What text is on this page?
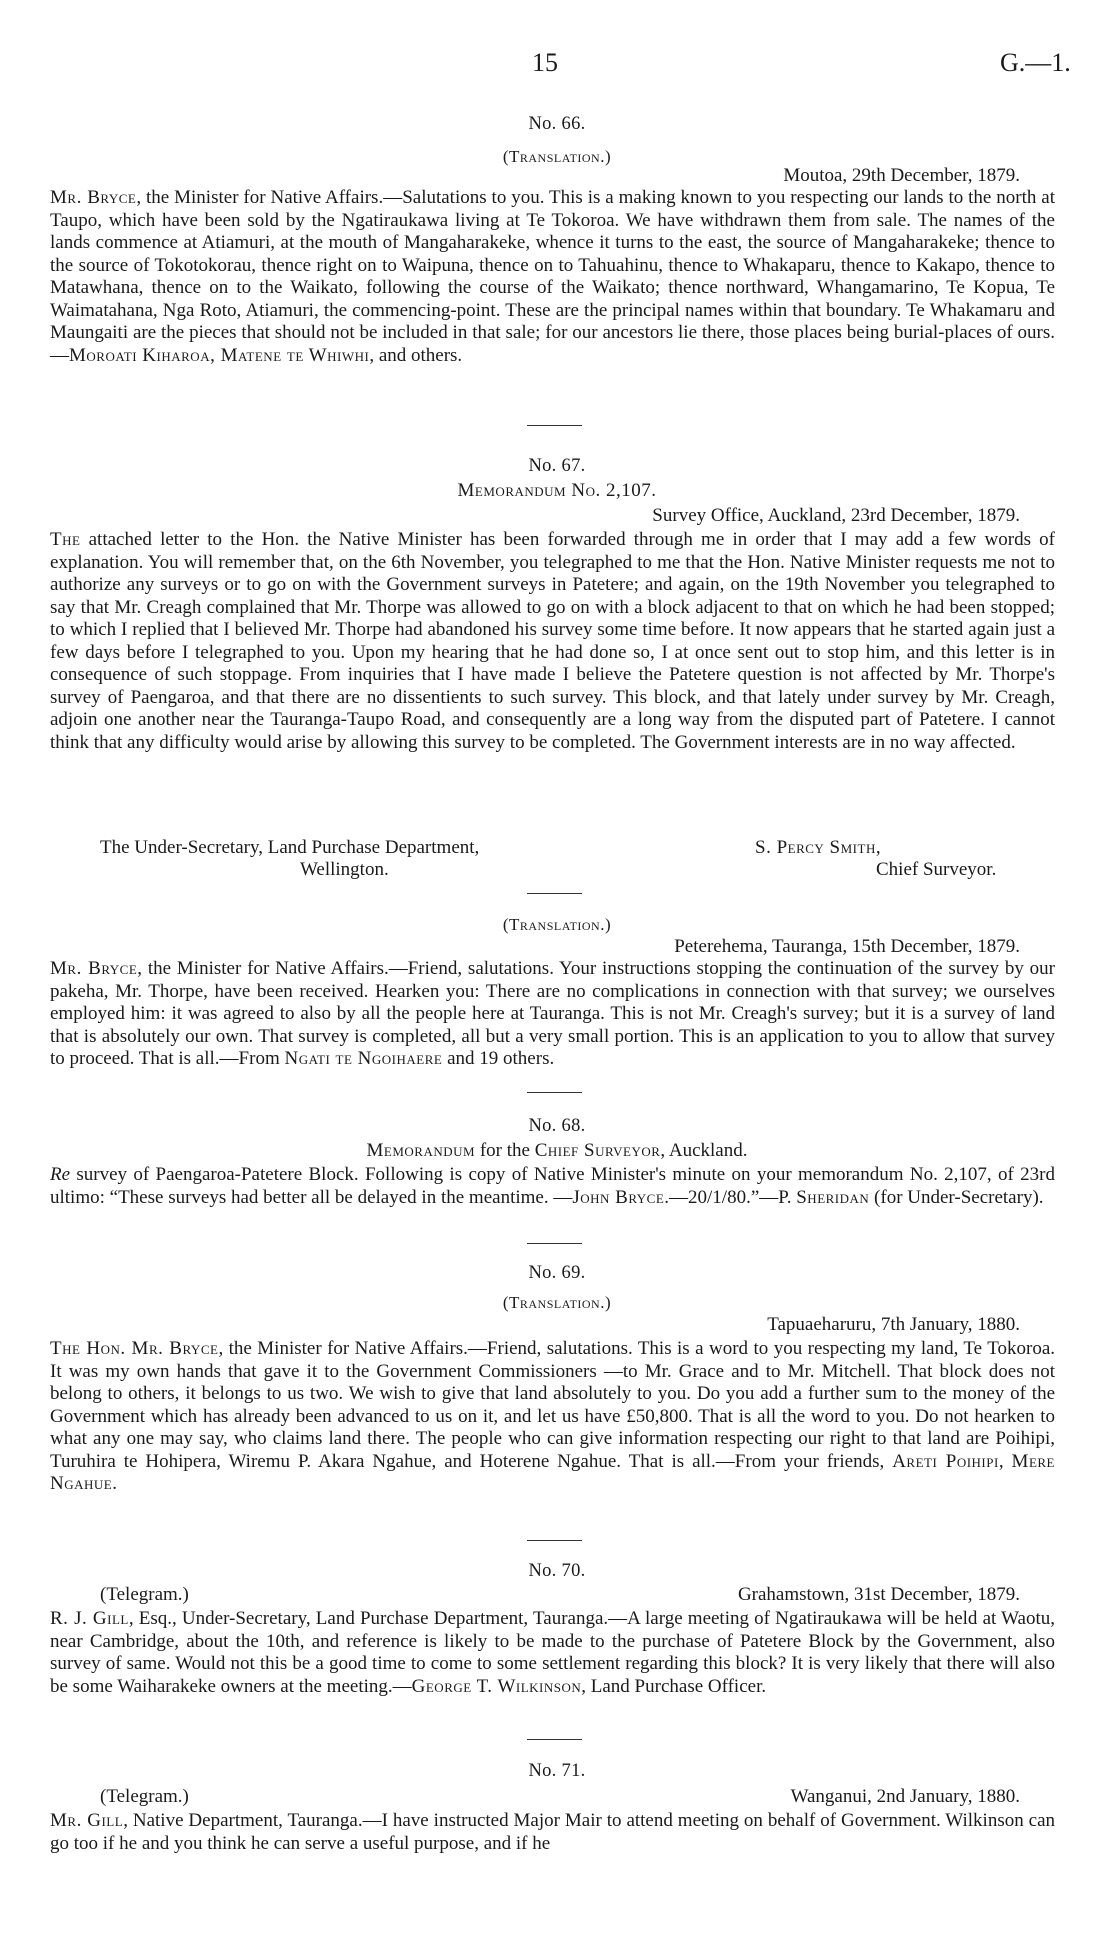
15	G.—1.
No. 66.
(Translation.)
Moutoa, 29th December, 1879.
Mr. Bryce, the Minister for Native Affairs.—Salutations to you. This is a making known to you respecting our lands to the north at Taupo, which have been sold by the Ngatiraukawa living at Te Tokoroa. We have withdrawn them from sale. The names of the lands commence at Atiamuri, at the mouth of Mangaharakeke, whence it turns to the east, the source of Mangaharakeke; thence to the source of Tokotokorau, thence right on to Waipuna, thence on to Tahuahinu, thence to Whakaparu, thence to Kakapo, thence to Matawhana, thence on to the Waikato, following the course of the Waikato; thence northward, Whangamarino, Te Kopua, Te Waimatahana, Nga Roto, Atiamuri, the commencing-point. These are the principal names within that boundary. Te Whakamaru and Maungaiti are the pieces that should not be included in that sale; for our ancestors lie there, those places being burial-places of ours.—Moroati Kiharoa, Matene te Whiwhi, and others.
No. 67.
Memorandum No. 2,107.
Survey Office, Auckland, 23rd December, 1879.
The attached letter to the Hon. the Native Minister has been forwarded through me in order that I may add a few words of explanation. You will remember that, on the 6th November, you telegraphed to me that the Hon. Native Minister requests me not to authorize any surveys or to go on with the Government surveys in Patetere; and again, on the 19th November you telegraphed to say that Mr. Creagh complained that Mr. Thorpe was allowed to go on with a block adjacent to that on which he had been stopped; to which I replied that I believed Mr. Thorpe had abandoned his survey some time before. It now appears that he started again just a few days before I telegraphed to you. Upon my hearing that he had done so, I at once sent out to stop him, and this letter is in consequence of such stoppage. From inquiries that I have made I believe the Patetere question is not affected by Mr. Thorpe's survey of Paengaroa, and that there are no dissentients to such survey. This block, and that lately under survey by Mr. Creagh, adjoin one another near the Tauranga-Taupo Road, and consequently are a long way from the disputed part of Patetere. I cannot think that any difficulty would arise by allowing this survey to be completed. The Government interests are in no way affected.
The Under-Secretary, Land Purchase Department,
Wellington.
S. Percy Smith,
Chief Surveyor.
(Translation.)
Peterehema, Tauranga, 15th December, 1879.
Mr. Bryce, the Minister for Native Affairs.—Friend, salutations. Your instructions stopping the continuation of the survey by our pakeha, Mr. Thorpe, have been received. Hearken you: There are no complications in connection with that survey; we ourselves employed him: it was agreed to also by all the people here at Tauranga. This is not Mr. Creagh's survey; but it is a survey of land that is absolutely our own. That survey is completed, all but a very small portion. This is an application to you to allow that survey to proceed. That is all.—From Ngati te Ngoihaere and 19 others.
No. 68.
Memorandum for the Chief Surveyor, Auckland.
Re survey of Paengaroa-Patetere Block. Following is copy of Native Minister's minute on your memorandum No. 2,107, of 23rd ultimo: “These surveys had better all be delayed in the meantime. —John Bryce.—20/1/80.”—P. Sheridan (for Under-Secretary).
No. 69.
(Translation.)
Tapuaeharuru, 7th January, 1880.
The Hon. Mr. Bryce, the Minister for Native Affairs.—Friend, salutations. This is a word to you respecting my land, Te Tokoroa. It was my own hands that gave it to the Government Commissioners —to Mr. Grace and to Mr. Mitchell. That block does not belong to others, it belongs to us two. We wish to give that land absolutely to you. Do you add a further sum to the money of the Government which has already been advanced to us on it, and let us have £50,800. That is all the word to you. Do not hearken to what any one may say, who claims land there. The people who can give information respecting our right to that land are Poihipi, Turuhira te Hohipera, Wiremu P. Akara Ngahue, and Hoterene Ngahue. That is all.—From your friends, Areti Poihipi, Mere Ngahue.
No. 70.
(Telegram.)	Grahamstown, 31st December, 1879.
R. J. Gill, Esq., Under-Secretary, Land Purchase Department, Tauranga.—A large meeting of Ngatiraukawa will be held at Waotu, near Cambridge, about the 10th, and reference is likely to be made to the purchase of Patetere Block by the Government, also survey of same. Would not this be a good time to come to some settlement regarding this block? It is very likely that there will also be some Waiharakeke owners at the meeting.—George T. Wilkinson, Land Purchase Officer.
No. 71.
(Telegram.)	Wanganui, 2nd January, 1880.
Mr. Gill, Native Department, Tauranga.—I have instructed Major Mair to attend meeting on behalf of Government. Wilkinson can go too if he and you think he can serve a useful purpose, and if he
